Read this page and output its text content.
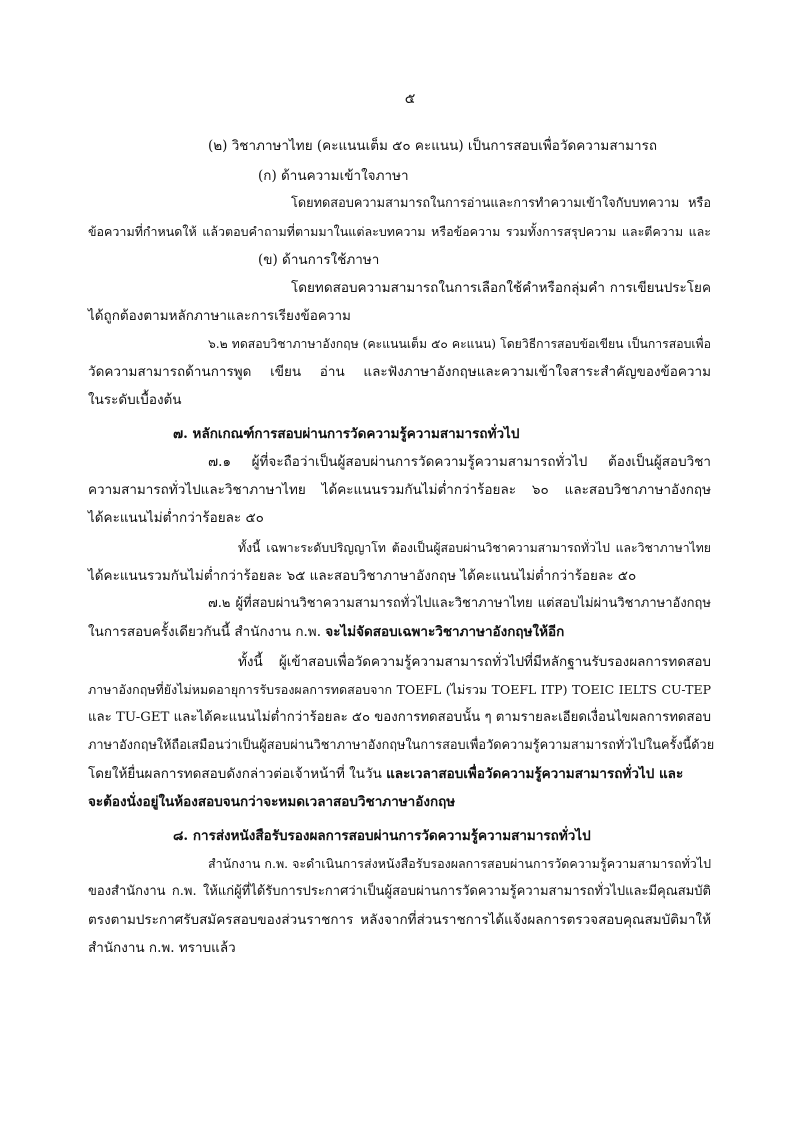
๕
(๒) วิชาภาษาไทย (คะแนนเต็ม ๕๐ คะแนน) เป็นการสอบเพื่อวัดความสามารถ
(ก) ด้านความเข้าใจภาษา
โดยทดสอบความสามารถในการอ่านและการทำความเข้าใจกับบทความ หรือ
ข้อความที่กำหนดให้ แล้วตอบคำถามที่ตามมาในแต่ละบทความ หรือข้อความ รวมทั้งการสรุปความ และตีความ และ
(ข) ด้านการใช้ภาษา
โดยทดสอบความสามารถในการเลือกใช้คำหรือกลุ่มคำ การเขียนประโยค
ได้ถูกต้องตามหลักภาษาและการเรียงข้อความ
๖.๒ ทดสอบวิชาภาษาอังกฤษ (คะแนนเต็ม ๕๐ คะแนน) โดยวิธีการสอบข้อเขียน เป็นการสอบเพื่อ
วัดความสามารถด้านการพูด เขียน อ่าน และฟังภาษาอังกฤษและความเข้าใจสาระสำคัญของข้อความ
ในระดับเบื้องต้น
๗. หลักเกณฑ์การสอบผ่านการวัดความรู้ความสามารถทั่วไป
๗.๑ ผู้ที่จะถือว่าเป็นผู้สอบผ่านการวัดความรู้ความสามารถทั่วไป ต้องเป็นผู้สอบวิชา
ความสามารถทั่วไปและวิชาภาษาไทย ได้คะแนนรวมกันไม่ต่ำกว่าร้อยละ ๖๐ และสอบวิชาภาษาอังกฤษ
ได้คะแนนไม่ต่ำกว่าร้อยละ ๕๐
ทั้งนี้ เฉพาะระดับปริญญาโท ต้องเป็นผู้สอบผ่านวิชาความสามารถทั่วไป และวิชาภาษาไทย
ได้คะแนนรวมกันไม่ต่ำกว่าร้อยละ ๖๕ และสอบวิชาภาษาอังกฤษ ได้คะแนนไม่ต่ำกว่าร้อยละ ๕๐
๗.๒ ผู้ที่สอบผ่านวิชาความสามารถทั่วไปและวิชาภาษาไทย แต่สอบไม่ผ่านวิชาภาษาอังกฤษ
ในการสอบครั้งเดียวกันนี้ สำนักงาน ก.พ. จะไม่จัดสอบเฉพาะวิชาภาษาอังกฤษให้อีก
ทั้งนี้ ผู้เข้าสอบเพื่อวัดความรู้ความสามารถทั่วไปที่มีหลักฐานรับรองผลการทดสอบ
ภาษาอังกฤษที่ยังไม่หมดอายุการรับรองผลการทดสอบจาก TOEFL (ไม่รวม TOEFL ITP) TOEIC IELTS CU-TEP
และ TU-GET และได้คะแนนไม่ต่ำกว่าร้อยละ ๕๐ ของการทดสอบนั้น ๆ ตามรายละเอียดเงื่อนไขผลการทดสอบ
ภาษาอังกฤษให้ถือเสมือนว่าเป็นผู้สอบผ่านวิชาภาษาอังกฤษในการสอบเพื่อวัดความรู้ความสามารถทั่วไปในครั้งนี้ด้วย
โดยให้ยื่นผลการทดสอบดังกล่าวต่อเจ้าหน้าที่ ในวัน และเวลาสอบเพื่อวัดความรู้ความสามารถทั่วไป และ
จะต้องนั่งอยู่ในห้องสอบจนกว่าจะหมดเวลาสอบวิชาภาษาอังกฤษ
๘. การส่งหนังสือรับรองผลการสอบผ่านการวัดความรู้ความสามารถทั่วไป
สำนักงาน ก.พ. จะดำเนินการส่งหนังสือรับรองผลการสอบผ่านการวัดความรู้ความสามารถทั่วไป
ของสำนักงาน ก.พ. ให้แก่ผู้ที่ได้รับการประกาศว่าเป็นผู้สอบผ่านการวัดความรู้ความสามารถทั่วไปและมีคุณสมบัติ
ตรงตามประกาศรับสมัครสอบของส่วนราชการ หลังจากที่ส่วนราชการได้แจ้งผลการตรวจสอบคุณสมบัติมาให้
สำนักงาน ก.พ. ทราบแล้ว
